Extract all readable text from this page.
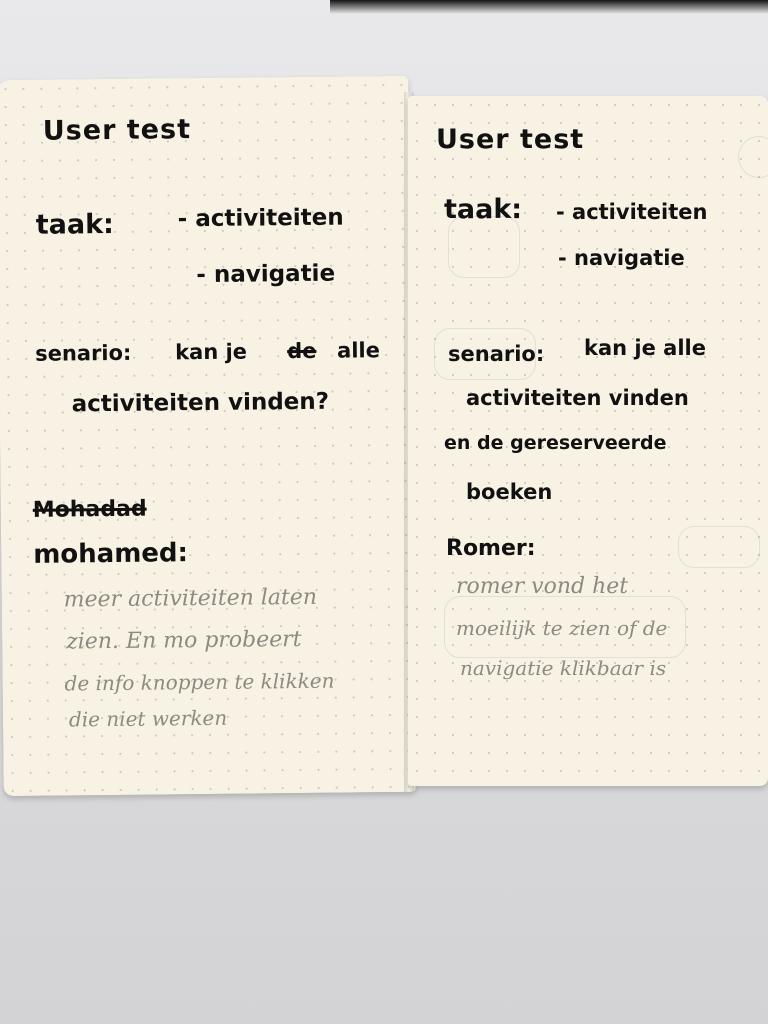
User test
taak:	- activiteiten
- navigatie
senario: kan je de alle
activiteiten vinden?
Mohadad
mohamed:
meer activiteiten laten
zien. En mo probeert
de info knoppen te klikken
die niet werken
User test
taak: - activiteiten
- navigatie
senario: kan je alle
activiteiten vinden
en de gereserveerde
boeken
Romer:
romer vond het
moeilijk te zien of de
navigatie klikbaar is
